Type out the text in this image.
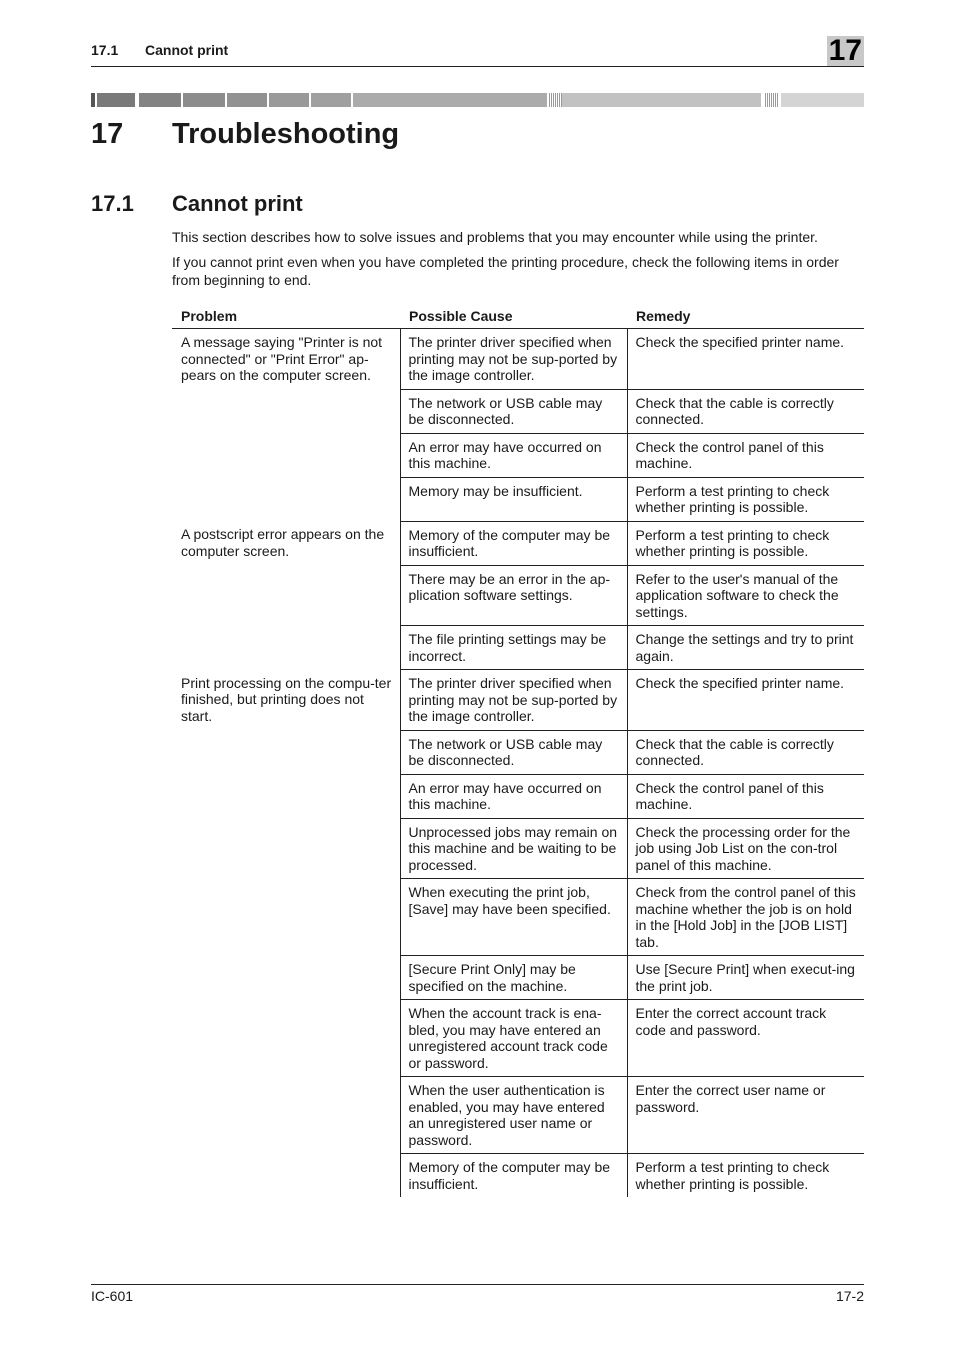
17.1 Cannot print	17
17 Troubleshooting
17.1 Cannot print

This section describes how to solve issues and problems that you may encounter while using the printer.

If you cannot print even when you have completed the printing procedure, check the following items in order from beginning to end.

Problem	Possible Cause	Remedy
A message saying "Printer is not connected" or "Print Error" ap-pears on the computer screen.	The printer driver specified when printing may not be sup-ported by the image controller.	Check the specified printer name.
	The network or USB cable may be disconnected.	Check that the cable is correctly connected.
	An error may have occurred on this machine.	Check the control panel of this machine.
	Memory may be insufficient.	Perform a test printing to check whether printing is possible.
A postscript error appears on the computer screen.	Memory of the computer may be insufficient.	Perform a test printing to check whether printing is possible.
	There may be an error in the ap-plication software settings.	Refer to the user's manual of the application software to check the settings.
	The file printing settings may be incorrect.	Change the settings and try to print again.
Print processing on the compu-ter finished, but printing does not start.	The printer driver specified when printing may not be sup-ported by the image controller.	Check the specified printer name.
	The network or USB cable may be disconnected.	Check that the cable is correctly connected.
	An error may have occurred on this machine.	Check the control panel of this machine.
	Unprocessed jobs may remain on this machine and be waiting to be processed.	Check the processing order for the job using Job List on the con-trol panel of this machine.
	When executing the print job, [Save] may have been specified.	Check from the control panel of this machine whether the job is on hold in the [Hold Job] in the [JOB LIST] tab.
	[Secure Print Only] may be specified on the machine.	Use [Secure Print] when execut-ing the print job.
	When the account track is ena-bled, you may have entered an unregistered account track code or password.	Enter the correct account track code and password.
	When the user authentication is enabled, you may have entered an unregistered user name or password.	Enter the correct user name or password.
	Memory of the computer may be insufficient.	Perform a test printing to check whether printing is possible.
IC-601	17-2
